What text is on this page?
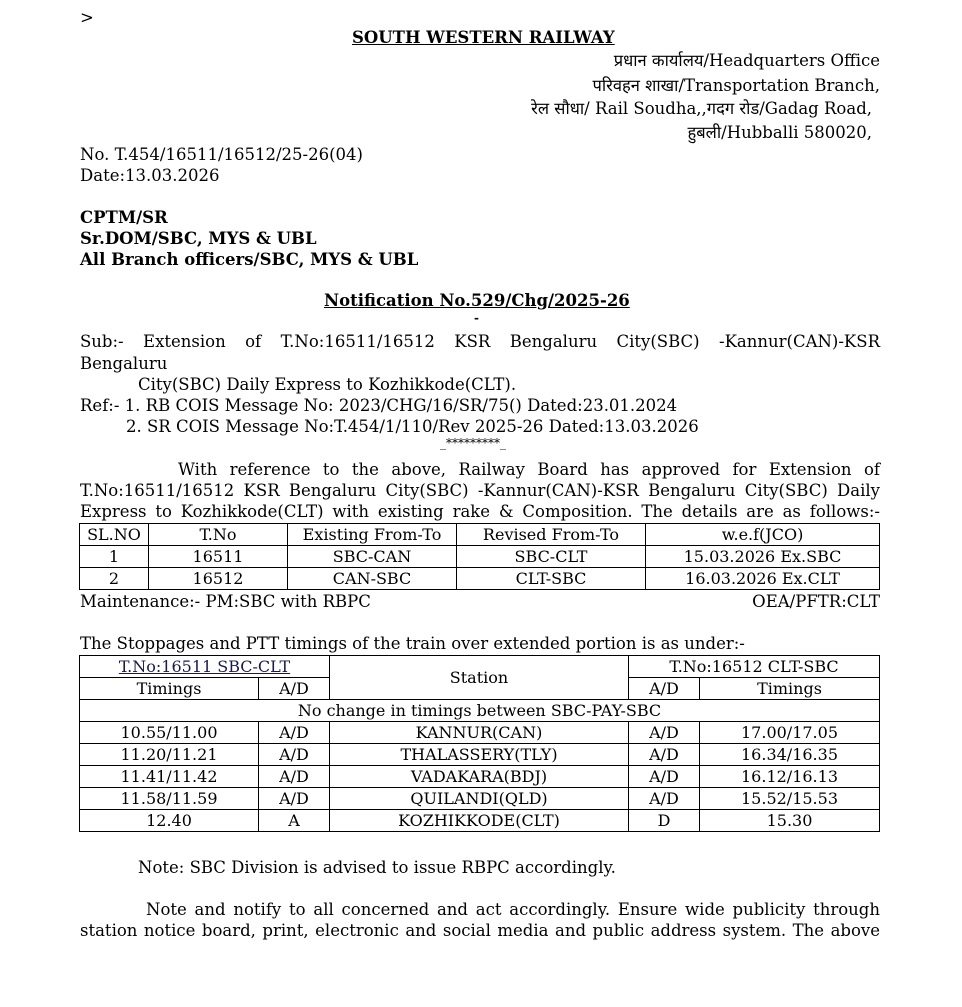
>
SOUTH WESTERN RAILWAY
प्रधान कार्यालय/Headquarters Office
परिवहन शाखा/Transportation Branch,
रेल सौधा/ Rail Soudha,,गदग रोड/Gadag Road,
हुबली/Hubballi 580020,
No. T.454/16511/16512/25-26(04)
Date:13.03.2026
CPTM/SR
Sr.DOM/SBC, MYS & UBL
All Branch officers/SBC, MYS & UBL
Notification No.529/Chg/2025-26
-
Sub:- Extension of T.No:16511/16512 KSR Bengaluru City(SBC) -Kannur(CAN)-KSR
Bengaluru
City(SBC) Daily Express to Kozhikkode(CLT).
Ref:- 1. RB COIS Message No: 2023/CHG/16/SR/75() Dated:23.01.2024
2. SR COIS Message No:T.454/1/110/Rev 2025-26 Dated:13.03.2026
_*********_
With reference to the above, Railway Board has approved for Extension of
T.No:16511/16512 KSR Bengaluru City(SBC) -Kannur(CAN)-KSR Bengaluru City(SBC) Daily
Express to Kozhikkode(CLT) with existing rake & Composition. The details are as follows:-
SL.NO	T.No	Existing From-To	Revised From-To	w.e.f(JCO)
1	16511	SBC-CAN	SBC-CLT	15.03.2026 Ex.SBC
2	16512	CAN-SBC	CLT-SBC	16.03.2026 Ex.CLT
Maintenance:- PM:SBC with RBPC	OEA/PFTR:CLT
The Stoppages and PTT timings of the train over extended portion is as under:-
T.No:16511 SBC-CLT		Station	T.No:16512 CLT-SBC	
Timings	A/D		A/D	Timings
No change in timings between SBC-PAY-SBC				
10.55/11.00	A/D	KANNUR(CAN)	A/D	17.00/17.05
11.20/11.21	A/D	THALASSERY(TLY)	A/D	16.34/16.35
11.41/11.42	A/D	VADAKARA(BDJ)	A/D	16.12/16.13
11.58/11.59	A/D	QUILANDI(QLD)	A/D	15.52/15.53
12.40	A	KOZHIKKODE(CLT)	D	15.30
Note: SBC Division is advised to issue RBPC accordingly.
Note and notify to all concerned and act accordingly. Ensure wide publicity through
station notice board, print, electronic and social media and public address system. The above
